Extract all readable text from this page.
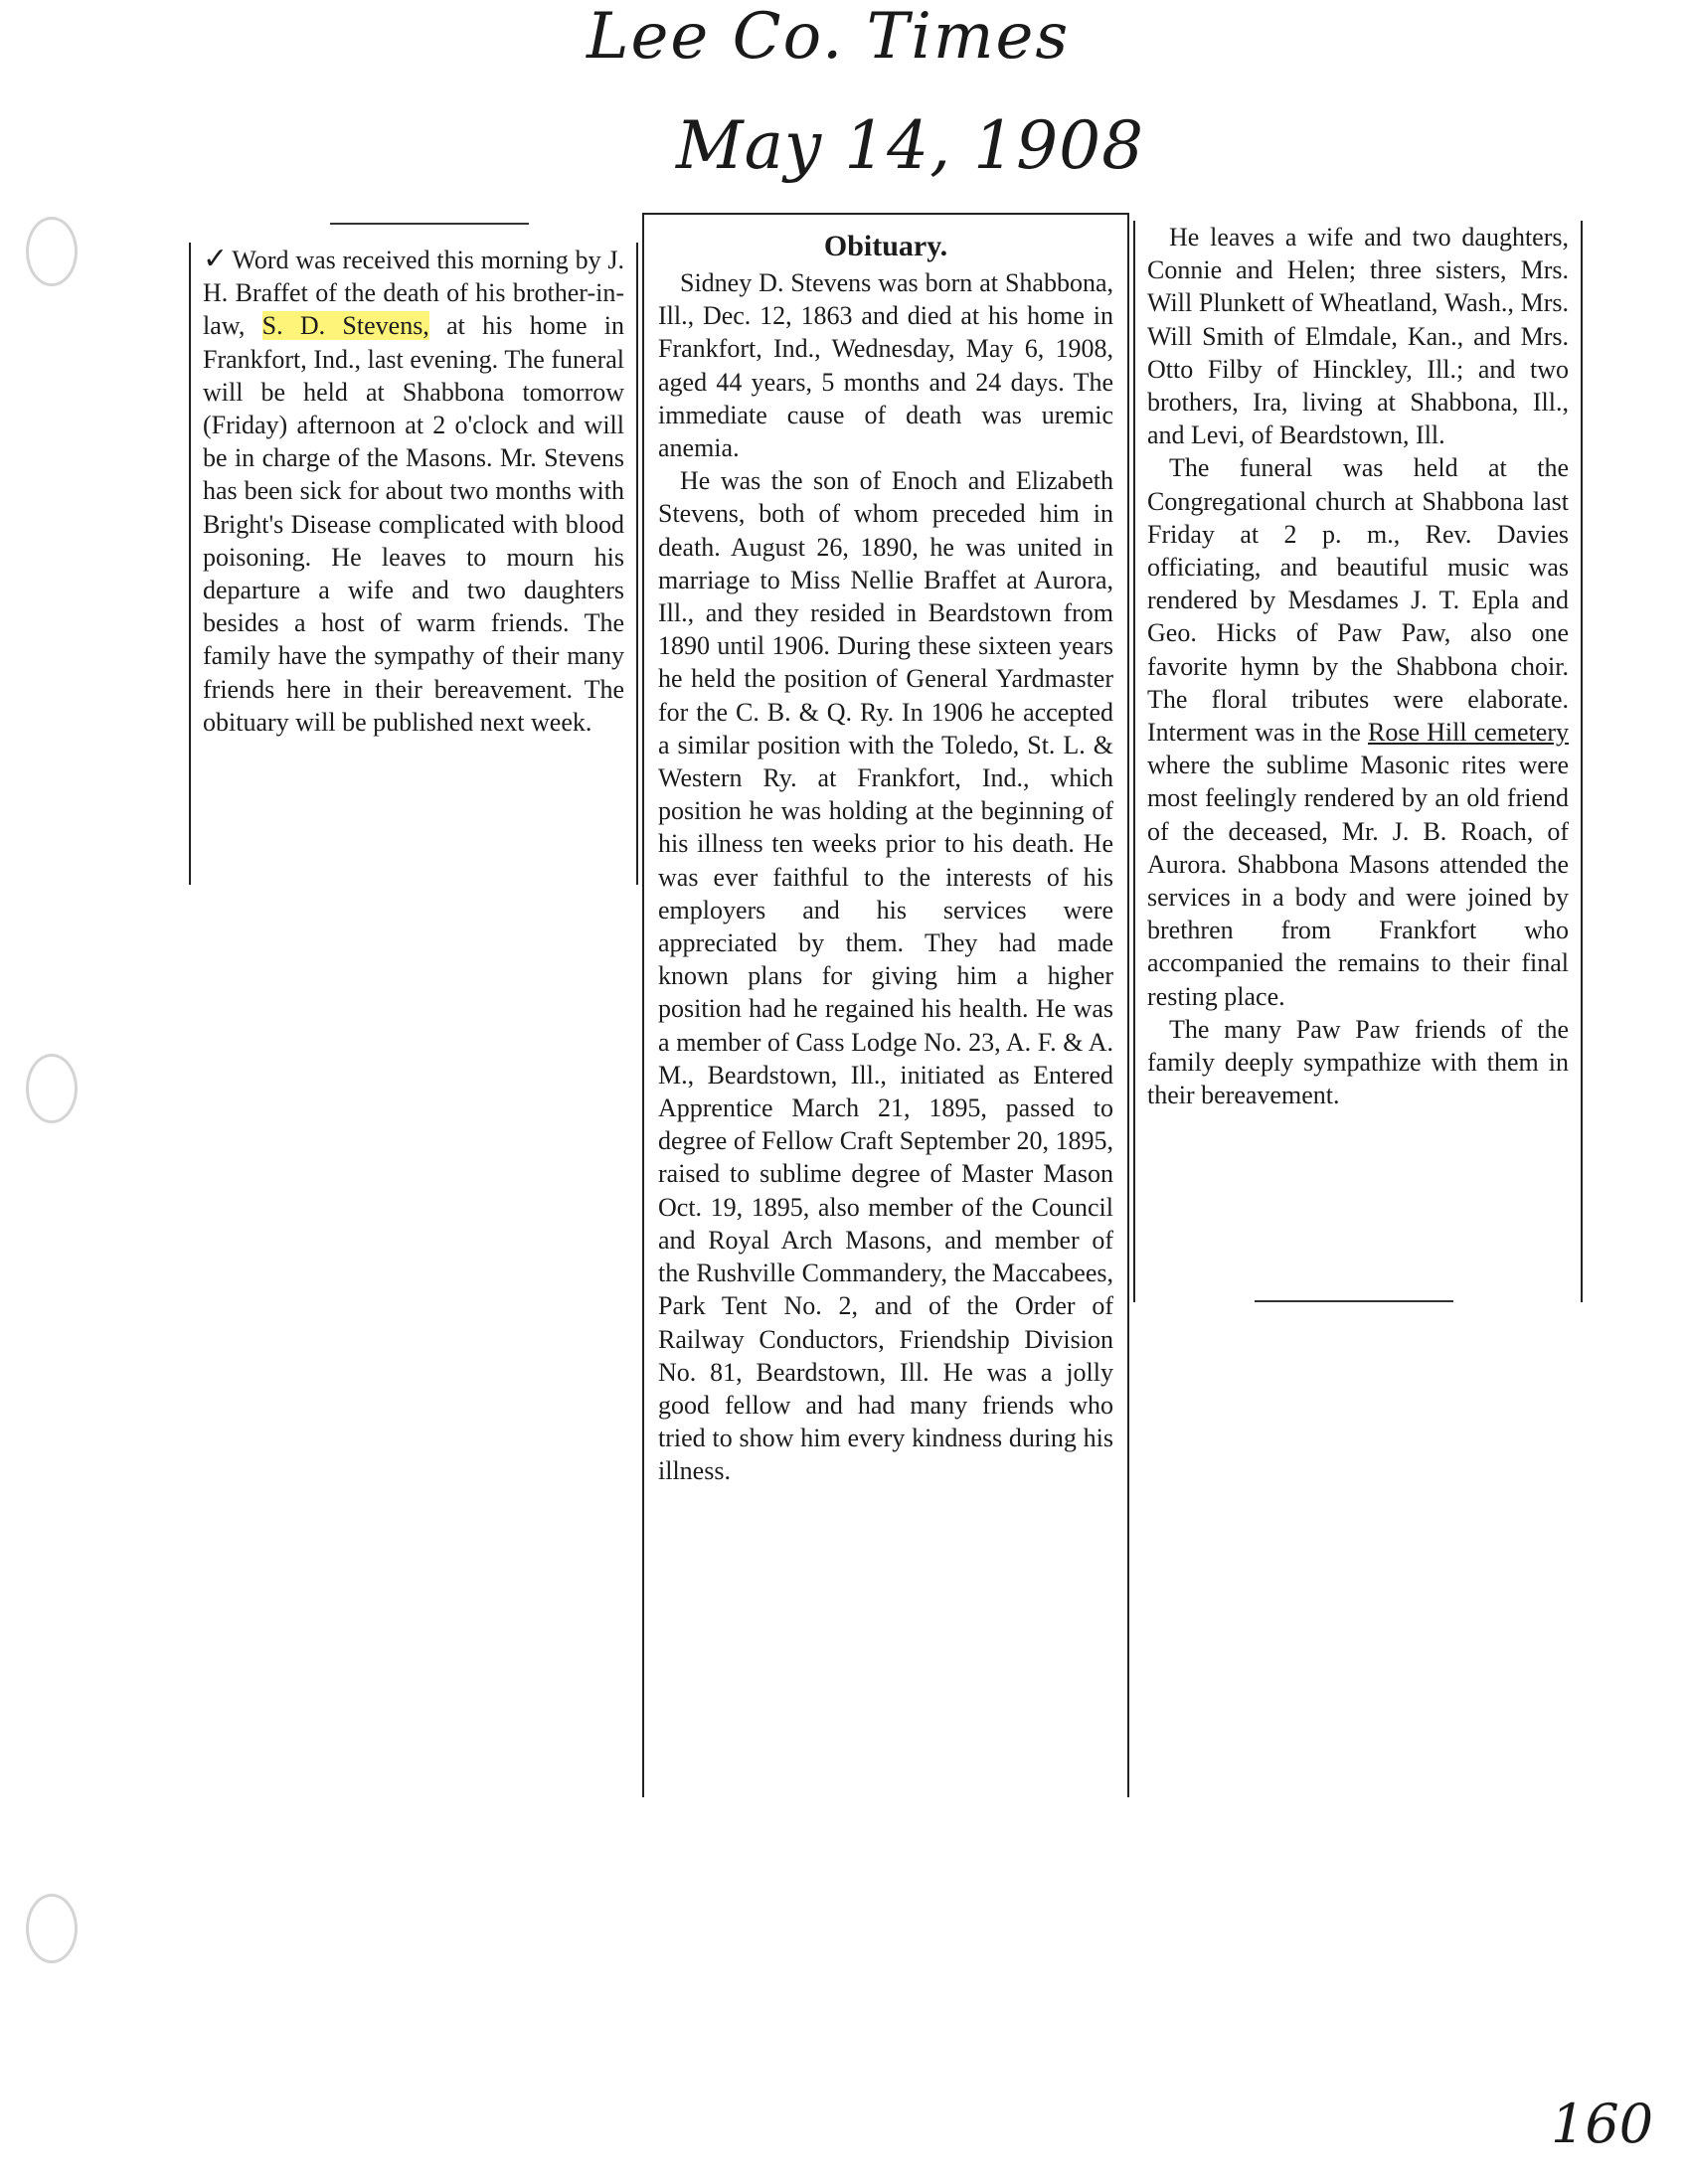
Lee Co. Times
May 14, 1908

✓ Word was received this morning by J. H. Braffet of the death of his brother-in-law, S. D. Stevens, at his home in Frankfort, Ind., last evening. The funeral will be held at Shabbona tomorrow (Friday) afternoon at 2 o'clock and will be in charge of the Masons. Mr. Stevens has been sick for about two months with Bright's Disease complicated with blood poisoning. He leaves to mourn his departure a wife and two daughters besides a host of warm friends. The family have the sympathy of their many friends here in their bereavement. The obituary will be published next week.

Obituary.

Sidney D. Stevens was born at Shabbona, Ill., Dec. 12, 1863 and died at his home in Frankfort, Ind., Wednesday, May 6, 1908, aged 44 years, 5 months and 24 days. The immediate cause of death was uremic anemia.

He was the son of Enoch and Elizabeth Stevens, both of whom preceded him in death. August 26, 1890, he was united in marriage to Miss Nellie Braffet at Aurora, Ill., and they resided in Beardstown from 1890 until 1906. During these sixteen years he held the position of General Yardmaster for the C. B. & Q. Ry. In 1906 he accepted a similar position with the Toledo, St. L. & Western Ry. at Frankfort, Ind., which position he was holding at the beginning of his illness ten weeks prior to his death. He was ever faithful to the interests of his employers and his services were appreciated by them. They had made known plans for giving him a higher position had he regained his health. He was a member of Cass Lodge No. 23, A. F. & A. M., Beardstown, Ill., initiated as Entered Apprentice March 21, 1895, passed to degree of Fellow Craft September 20, 1895, raised to sublime degree of Master Mason Oct. 19, 1895, also member of the Council and Royal Arch Masons, and member of the Rushville Commandery, the Maccabees, Park Tent No. 2, and of the Order of Railway Conductors, Friendship Division No. 81, Beardstown, Ill. He was a jolly good fellow and had many friends who tried to show him every kindness during his illness.

He leaves a wife and two daughters, Connie and Helen; three sisters, Mrs. Will Plunkett of Wheatland, Wash., Mrs. Will Smith of Elmdale, Kan., and Mrs. Otto Filby of Hinckley, Ill.; and two brothers, Ira, living at Shabbona, Ill., and Levi, of Beardstown, Ill.

The funeral was held at the Congregational church at Shabbona last Friday at 2 p. m., Rev. Davies officiating, and beautiful music was rendered by Mesdames J. T. Epla and Geo. Hicks of Paw Paw, also one favorite hymn by the Shabbona choir. The floral tributes were elaborate. Interment was in the Rose Hill cemetery where the sublime Masonic rites were most feelingly rendered by an old friend of the deceased, Mr. J. B. Roach, of Aurora. Shabbona Masons attended the services in a body and were joined by brethren from Frankfort who accompanied the remains to their final resting place.

The many Paw Paw friends of the family deeply sympathize with them in their bereavement.

160
